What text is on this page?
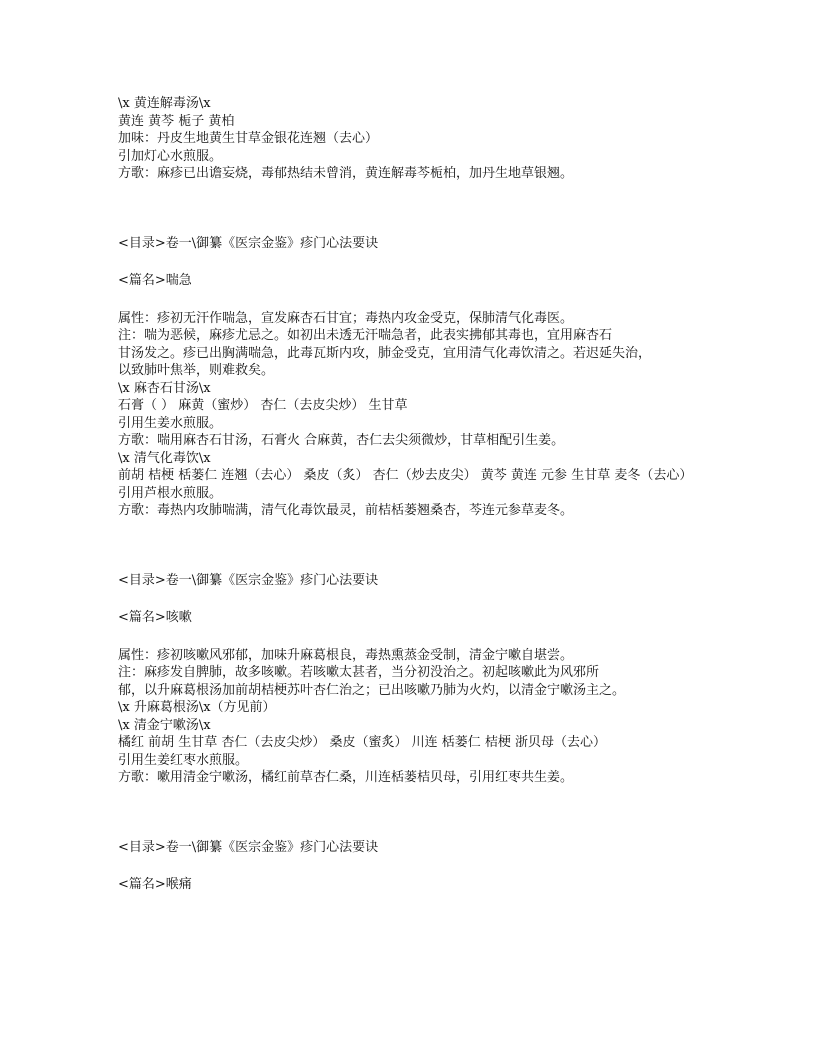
\x 黄连解毒汤\x
黄连 黄芩 栀子 黄柏
加味：丹皮生地黄生甘草金银花连翘（去心）
引加灯心水煎服。
方歌：麻疹已出谵妄烧，毒郁热结未曾消，黄连解毒芩栀柏，加丹生地草银翘。
<目录>卷一\御纂《医宗金鉴》疹门心法要诀
<篇名>喘急
属性：疹初无汗作喘急，宣发麻杏石甘宜；毒热内攻金受克，保肺清气化毒医。
注：喘为恶候，麻疹尤忌之。如初出未透无汗喘急者，此表实拂郁其毒也，宜用麻杏石
甘汤发之。疹已出胸满喘急，此毒瓦斯内攻，肺金受克，宜用清气化毒饮清之。若迟延失治，
以致肺叶焦举，则难救矣。
\x 麻杏石甘汤\x
石膏（ ） 麻黄（蜜炒） 杏仁（去皮尖炒） 生甘草
引用生姜水煎服。
方歌：喘用麻杏石甘汤，石膏火 合麻黄，杏仁去尖须微炒，甘草相配引生姜。
\x 清气化毒饮\x
前胡 桔梗 栝蒌仁 连翘（去心） 桑皮（炙） 杏仁（炒去皮尖） 黄芩 黄连 元参 生甘草 麦冬（去心）
引用芦根水煎服。
方歌：毒热内攻肺喘满，清气化毒饮最灵，前桔栝蒌翘桑杏，芩连元参草麦冬。
<目录>卷一\御纂《医宗金鉴》疹门心法要诀
<篇名>咳嗽
属性：疹初咳嗽风邪郁，加味升麻葛根良，毒热熏蒸金受制，清金宁嗽自堪尝。
注：麻疹发自脾肺，故多咳嗽。若咳嗽太甚者，当分初没治之。初起咳嗽此为风邪所
郁，以升麻葛根汤加前胡桔梗苏叶杏仁治之；已出咳嗽乃肺为火灼，以清金宁嗽汤主之。
\x 升麻葛根汤\x（方见前）
\x 清金宁嗽汤\x
橘红 前胡 生甘草 杏仁（去皮尖炒） 桑皮（蜜炙） 川连 栝蒌仁 桔梗 浙贝母（去心）
引用生姜红枣水煎服。
方歌：嗽用清金宁嗽汤，橘红前草杏仁桑，川连栝蒌桔贝母，引用红枣共生姜。
<目录>卷一\御纂《医宗金鉴》疹门心法要诀
<篇名>喉痛
